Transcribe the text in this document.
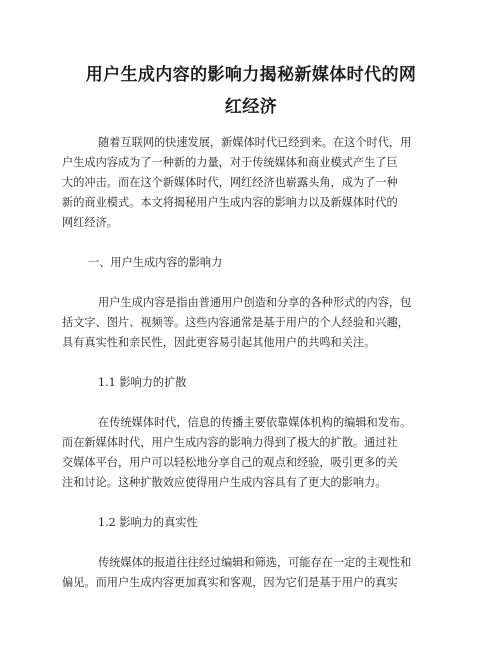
用户生成内容的影响力揭秘新媒体时代的网
红经济
随着互联网的快速发展，新媒体时代已经到来。在这个时代，用
户生成内容成为了一种新的力量，对于传统媒体和商业模式产生了巨
大的冲击。而在这个新媒体时代，网红经济也崭露头角，成为了一种
新的商业模式。本文将揭秘用户生成内容的影响力以及新媒体时代的
网红经济。
一、用户生成内容的影响力
用户生成内容是指由普通用户创造和分享的各种形式的内容，包
括文字、图片、视频等。这些内容通常是基于用户的个人经验和兴趣，
具有真实性和亲民性，因此更容易引起其他用户的共鸣和关注。
1.1 影响力的扩散
在传统媒体时代，信息的传播主要依靠媒体机构的编辑和发布。
而在新媒体时代，用户生成内容的影响力得到了极大的扩散。通过社
交媒体平台，用户可以轻松地分享自己的观点和经验，吸引更多的关
注和讨论。这种扩散效应使得用户生成内容具有了更大的影响力。
1.2 影响力的真实性
传统媒体的报道往往经过编辑和筛选，可能存在一定的主观性和
偏见。而用户生成内容更加真实和客观，因为它们是基于用户的真实
